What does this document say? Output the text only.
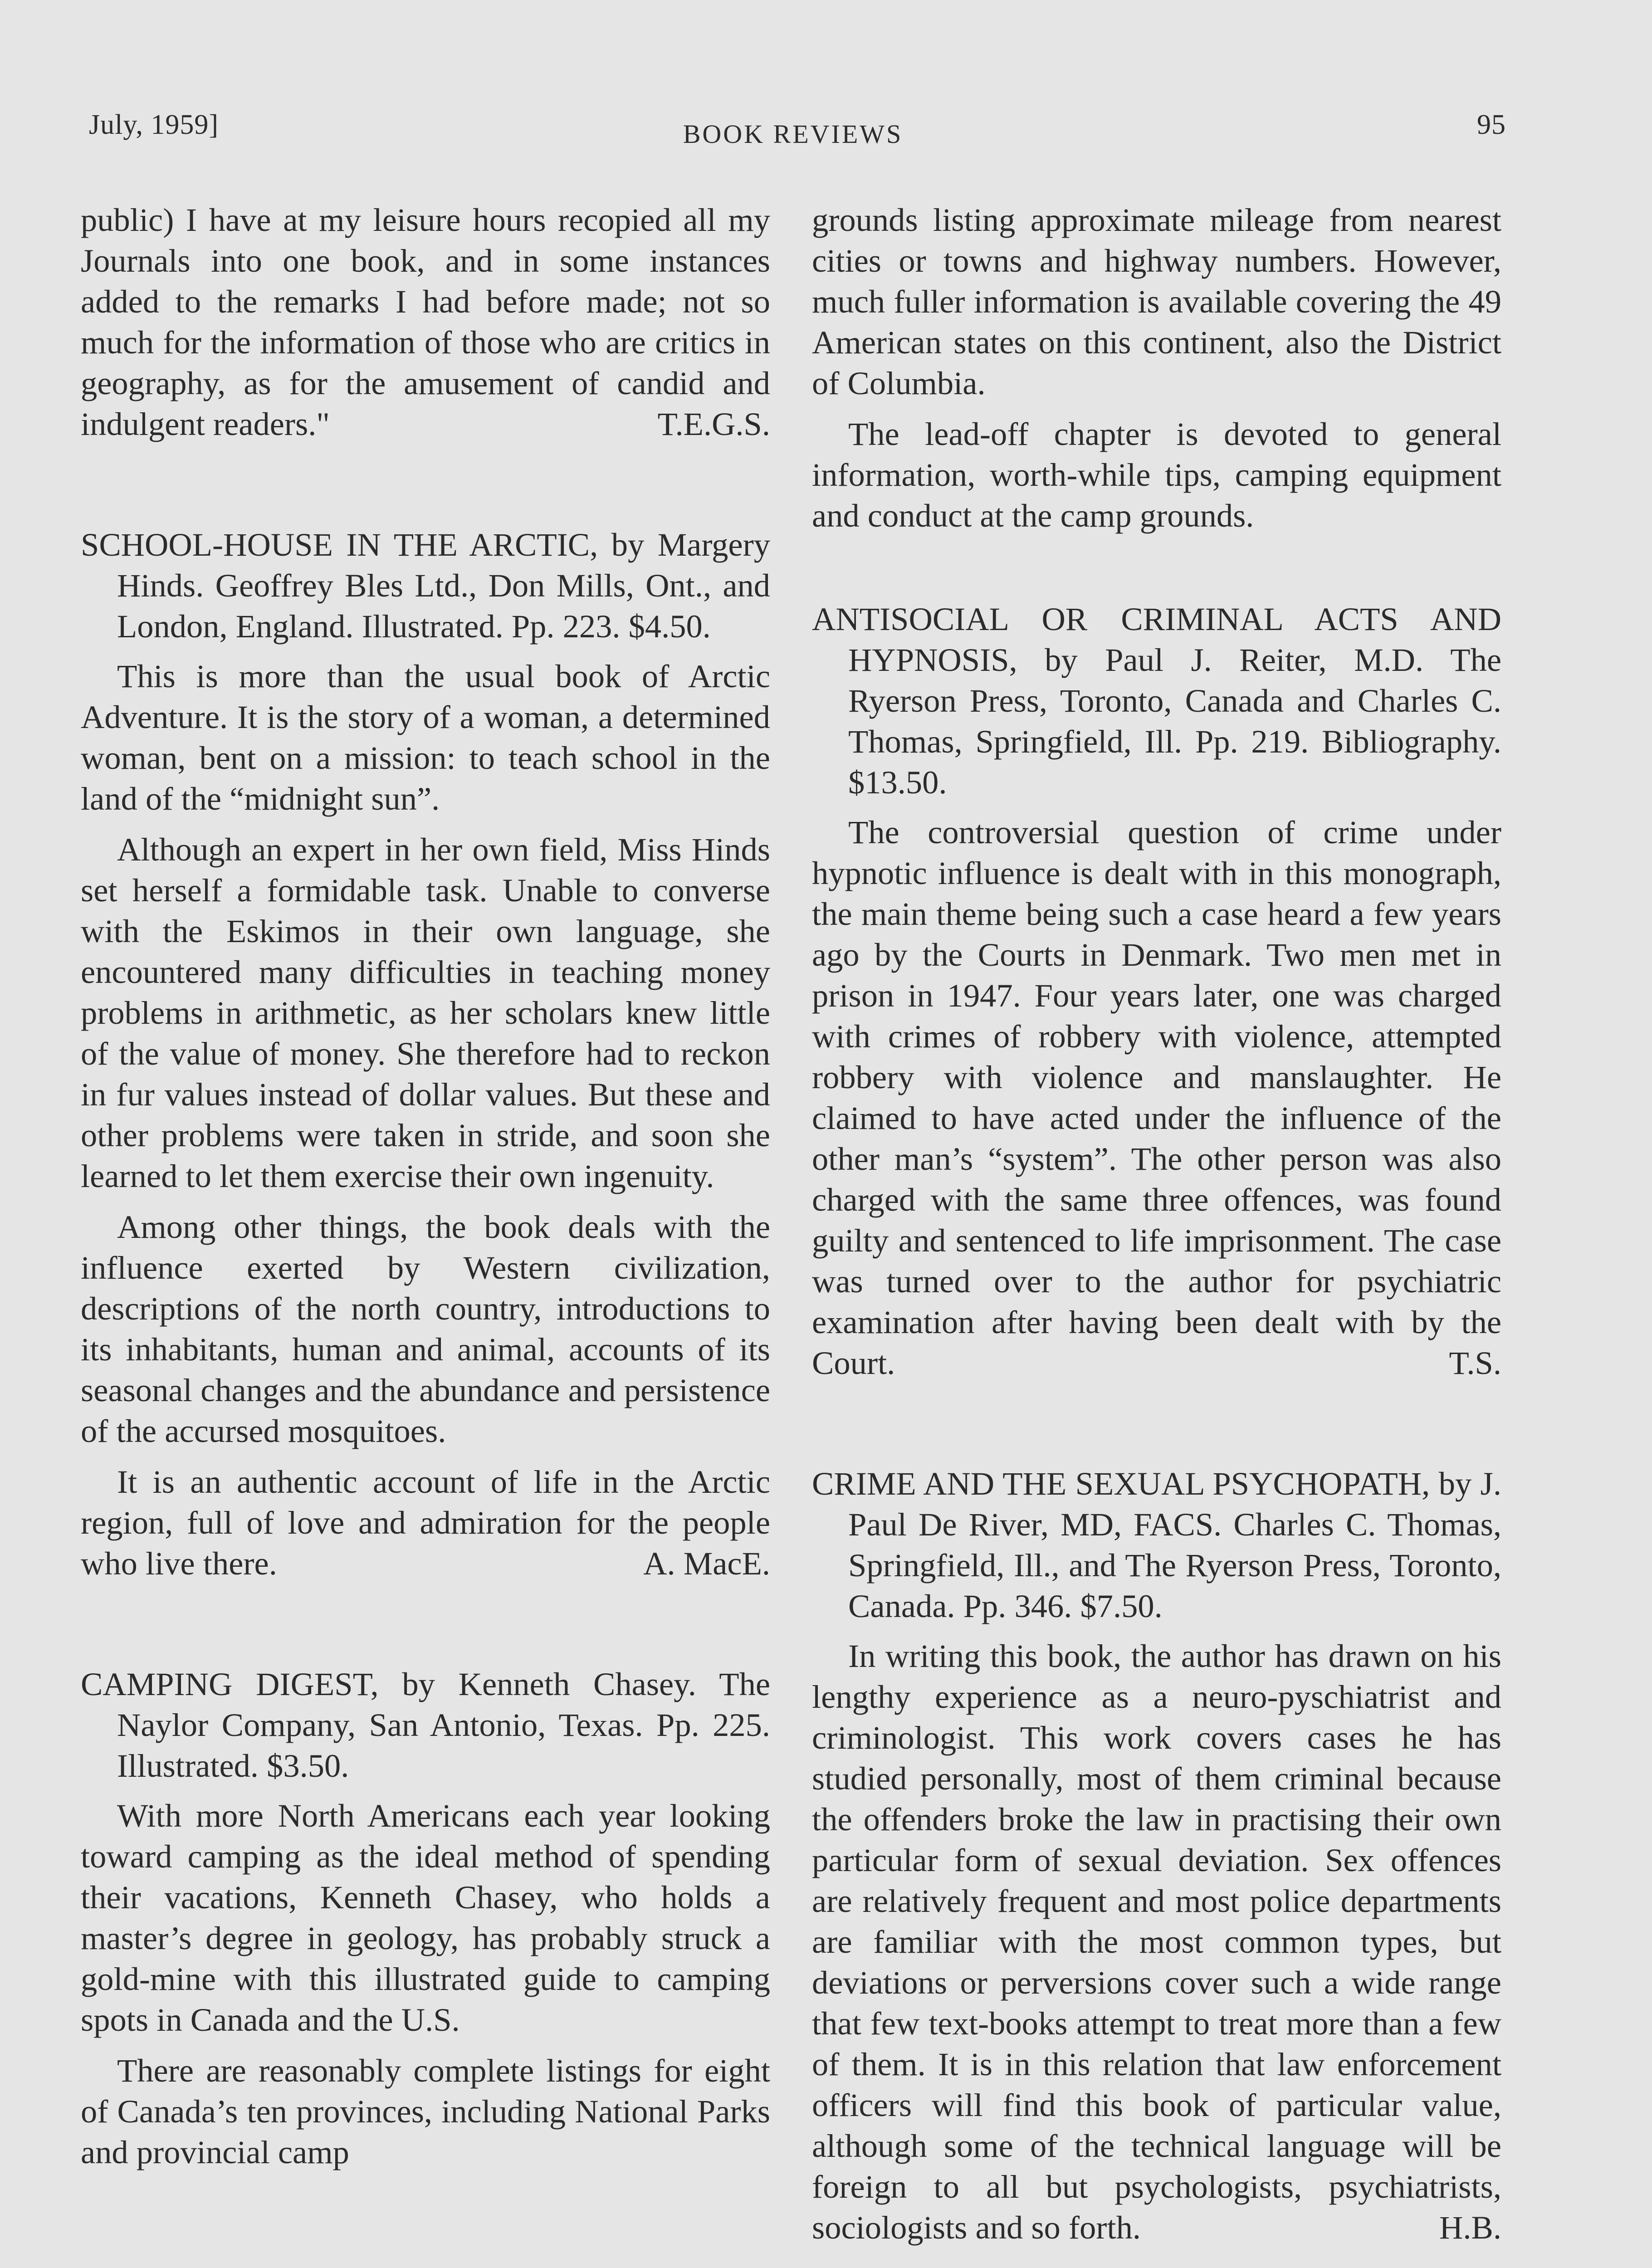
July, 1959]	BOOK REVIEWS	95

public) I have at my leisure hours recopied all my Journals into one book, and in some instances added to the remarks I had before made; not so much for the information of those who are critics in geography, as for the amusement of candid and indulgent readers."	T.E.G.S.

SCHOOL-HOUSE IN THE ARCTIC, by Margery Hinds. Geoffrey Bles Ltd., Don Mills, Ont., and London, England. Illustrated. Pp. 223. $4.50.

This is more than the usual book of Arctic Adventure. It is the story of a woman, a determined woman, bent on a mission: to teach school in the land of the “midnight sun”.

Although an expert in her own field, Miss Hinds set herself a formidable task. Unable to converse with the Eskimos in their own language, she encountered many difficulties in teaching money problems in arithmetic, as her scholars knew little of the value of money. She therefore had to reckon in fur values instead of dollar values. But these and other problems were taken in stride, and soon she learned to let them exercise their own ingenuity.

Among other things, the book deals with the influence exerted by Western civilization, descriptions of the north country, introductions to its inhabitants, human and animal, accounts of its seasonal changes and the abundance and persistence of the accursed mosquitoes.

It is an authentic account of life in the Arctic region, full of love and admiration for the people who live there.	A. MacE.

CAMPING DIGEST, by Kenneth Chasey. The Naylor Company, San Antonio, Texas. Pp. 225. Illustrated. $3.50.

With more North Americans each year looking toward camping as the ideal method of spending their vacations, Kenneth Chasey, who holds a master’s degree in geology, has probably struck a gold-mine with this illustrated guide to camping spots in Canada and the U.S.

There are reasonably complete listings for eight of Canada’s ten provinces, including National Parks and provincial camp

grounds listing approximate mileage from nearest cities or towns and highway numbers. However, much fuller information is available covering the 49 American states on this continent, also the District of Columbia.

The lead-off chapter is devoted to general information, worth-while tips, camping equipment and conduct at the camp grounds.

ANTISOCIAL OR CRIMINAL ACTS AND HYPNOSIS, by Paul J. Reiter, M.D. The Ryerson Press, Toronto, Canada and Charles C. Thomas, Springfield, Ill. Pp. 219. Bibliography. $13.50.

The controversial question of crime under hypnotic influence is dealt with in this monograph, the main theme being such a case heard a few years ago by the Courts in Denmark. Two men met in prison in 1947. Four years later, one was charged with crimes of robbery with violence, attempted robbery with violence and manslaughter. He claimed to have acted under the influence of the other man’s “system”. The other person was also charged with the same three offences, was found guilty and sentenced to life imprisonment. The case was turned over to the author for psychiatric examination after having been dealt with by the Court.	T.S.

CRIME AND THE SEXUAL PSYCHOPATH, by J. Paul De River, MD, FACS. Charles C. Thomas, Springfield, Ill., and The Ryerson Press, Toronto, Canada. Pp. 346. $7.50.

In writing this book, the author has drawn on his lengthy experience as a neuro-pyschiatrist and criminologist. This work covers cases he has studied personally, most of them criminal because the offenders broke the law in practising their own particular form of sexual deviation. Sex offences are relatively frequent and most police departments are familiar with the most common types, but deviations or perversions cover such a wide range that few text-books attempt to treat more than a few of them. It is in this relation that law enforcement officers will find this book of particular value, although some of the technical language will be foreign to all but psychologists, psychiatrists, sociologists and so forth.	H.B.
